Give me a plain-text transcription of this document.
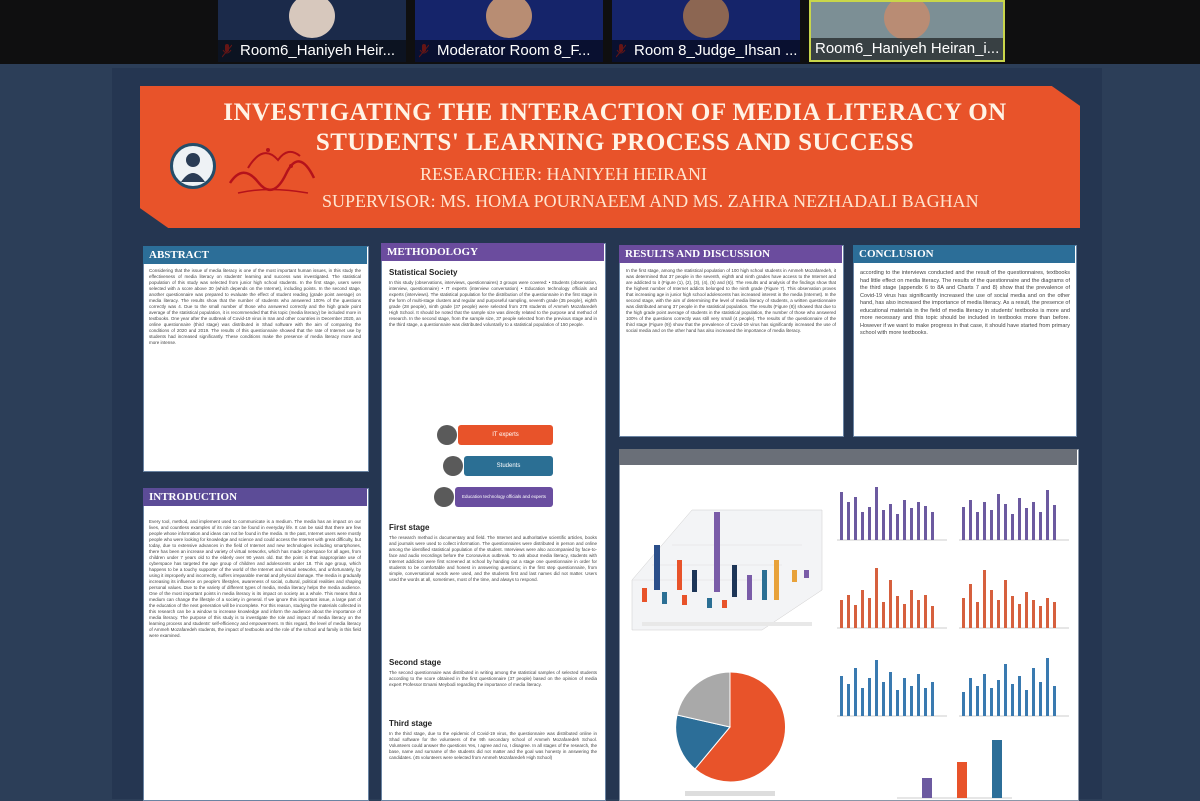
Room6_Haniyeh Heir...	Moderator Room 8_F...	Room 8_Judge_Ihsan ... Room6_Haniyeh Heiran_i...
INVESTIGATING THE INTERACTION OF MEDIA LITERACY ON
STUDENTS' LEARNING PROCESS AND SUCCESS
RESEARCHER: HANIYEH HEIRANI
SUPERVISOR: MS. HOMA POURNAEEM AND MS. ZAHRA NEZHADALI BAGHAN
ABSTRACT
Considering that the issue of media literacy is one of the most important human issues, in this study the effectiveness of media literacy on students' learning and success was investigated. The statistical population of this study was selected from junior high school students. In the first stage, users were selected with a score above 30 (which depends on the Internet), including points. In the second stage, another questionnaire was prepared to evaluate the effect of student reading (grade point average) on media literacy. The results show that the number of students who answered 100% of the questions correctly was 4. Due to the small number of those who answered correctly and the high grade point average of the statistical population, it is recommended that this topic (media literacy) be included more in textbooks. One year after the outbreak of Covid-19 virus in Iran and other countries in December 2020, an online questionnaire (third stage) was distributed in Shad software with the aim of comparing the conditions of 2020 and 2019. The results of this questionnaire showed that the rate of Internet use by students had increased significantly. These conditions make the presence of media literacy more and more intense.
INTRODUCTION
Every tool, method, and implement used to communicate is a medium. The media has an impact on our lives, and countless examples of its role can be found in everyday life. It can be said that there are few people whose information and ideas can not be found in the media. In the past, Internet users were mostly people who were looking for knowledge and science and could access the Internet with great difficulty, but today, due to extensive advances in the field of Internet and new technologies including smartphones, there has been an increase and variety of virtual networks, which has made cyberspace for all ages, from children under 7 years old to the elderly over 90 years old. But the point is that inappropriate use of cyberspace has targeted the age group of children and adolescents under 18. This age group, which happens to be a touchy supporter of the world of the Internet and virtual networks, and unfortunately, by using it improperly and incorrectly, suffers irreparable mental and physical damage. The media is gradually increasing its influence on people's lifestyles, awareness of social, cultural, political realities and shaping personal values. Due to the variety of different types of media, media literacy helps the media audience. One of the most important points in media literacy is its impact on society as a whole. This means that a medium can change the lifestyle of a society in general. If we ignore this important issue, a large part of the education of the next generation will be incomplete. For this reason, studying the materials collected in this research can be a window to increase knowledge and inform the audience about the importance of media literacy. The purpose of this study is to investigate the role and impact of media literacy on the learning process and students' self-efficiency and empowerment. In this regard, the level of media literacy of Ammeh Mozafaredeh students, the impact of textbooks and the role of the school and family in this field were examined.
METHODOLOGY
Statistical Society
In this study (observations, interviews, questionnaires) 3 groups were covered: • Students (observation, interview, questionnaire) • IT experts (interview conversation) • Education technology officials and experts (interviews). The statistical population for the distribution of the questionnaire in the first stage in the form of multi-stage clusters and regular and purposeful sampling, seventh grade (35 people), eighth grade (28 people), ninth grade (37 people) were selected from 278 students of Ammeh Mozafaredeh High School. It should be noted that the sample size was directly related to the purpose and method of research. In the second stage, from the sample size, 37 people selected from the previous stage and in the third stage, a questionnaire was distributed voluntarily to a statistical population of 150 people.
IT experts
Students
Education technology officials and experts
First stage
The research method is documentary and field. The Internet and authoritative scientific articles, books and journals were used to collect information. The questionnaires were distributed in person and online among the identified statistical population of the student. Interviews were also accompanied by face-to-face and audio recordings before the Coronavirus outbreak. To ask about media literacy, students with Internet addiction were first screened at school by handing out a stage one questionnaire in order for students to be comfortable and honest in answering questions; in the first step questionnaire, from simple, conversational words were used, and the students first and last names did not matter. Users used the words at all, sometimes, most of the time, and always to respond.
Second stage
The second questionnaire was distributed in writing among the statistical samples of selected students according to the score obtained in the first questionnaire (37 people) based on the opinion of media expert Professor Emami Meybodi regarding the importance of media literacy.
Third stage
In the third stage, due to the epidemic of Covid-19 virus, the questionnaire was distributed online in Shad software for the volunteers of the 9th secondary school of Ammeh Mozafaredeh School. Volunteers could answer the questions Yes, I agree and no, I disagree. In all stages of the research, the base, name and surname of the students did not matter and the goal was honesty in answering the candidates. (45 volunteers were selected from Ammeh Mozafaredeh High School)
RESULTS AND DISCUSSION
In the first stage, among the statistical population of 100 high school students in Ammeh Mozafaredeh, it was determined that 37 people in the seventh, eighth and ninth grades have access to the Internet and are addicted to it (Figure (1), (2), (3), (4), (5) and (6)). The results and analysis of the findings show that the highest number of Internet addicts belonged to the ninth grade (Figure 7). This observation proves that increasing age in junior high school adolescents has increased interest in the media (Internet). In the second stage, with the aim of determining the level of media literacy of students, a written questionnaire was distributed among 37 people in the statistical population. The results (Figure (8)) showed that due to the high grade point average of students in the statistical population, the number of those who answered 100% of the questions correctly was still very small (4 people). The results of the questionnaire of the third stage (Figure (9)) show that the prevalence of Covid-19 virus has significantly increased the use of social media and on the other hand has also increased the importance of media literacy.
CONCLUSION
according to the interviews conducted and the result of the questionnaires, textbooks had little effect on media literacy. The results of the questionnaire and the diagrams of the third stage (appendix 6 to 8A and Charts 7 and 8) show that the prevalence of Covid-19 virus has significantly increased the use of social media and on the other hand, has also increased the importance of media literacy. As a result, the presence of educational materials in the field of media literacy in students' textbooks is more and more necessary and this topic should be included in textbooks more than before. However if we want to make progress in that case, it should have started from primary school with more textbooks.
